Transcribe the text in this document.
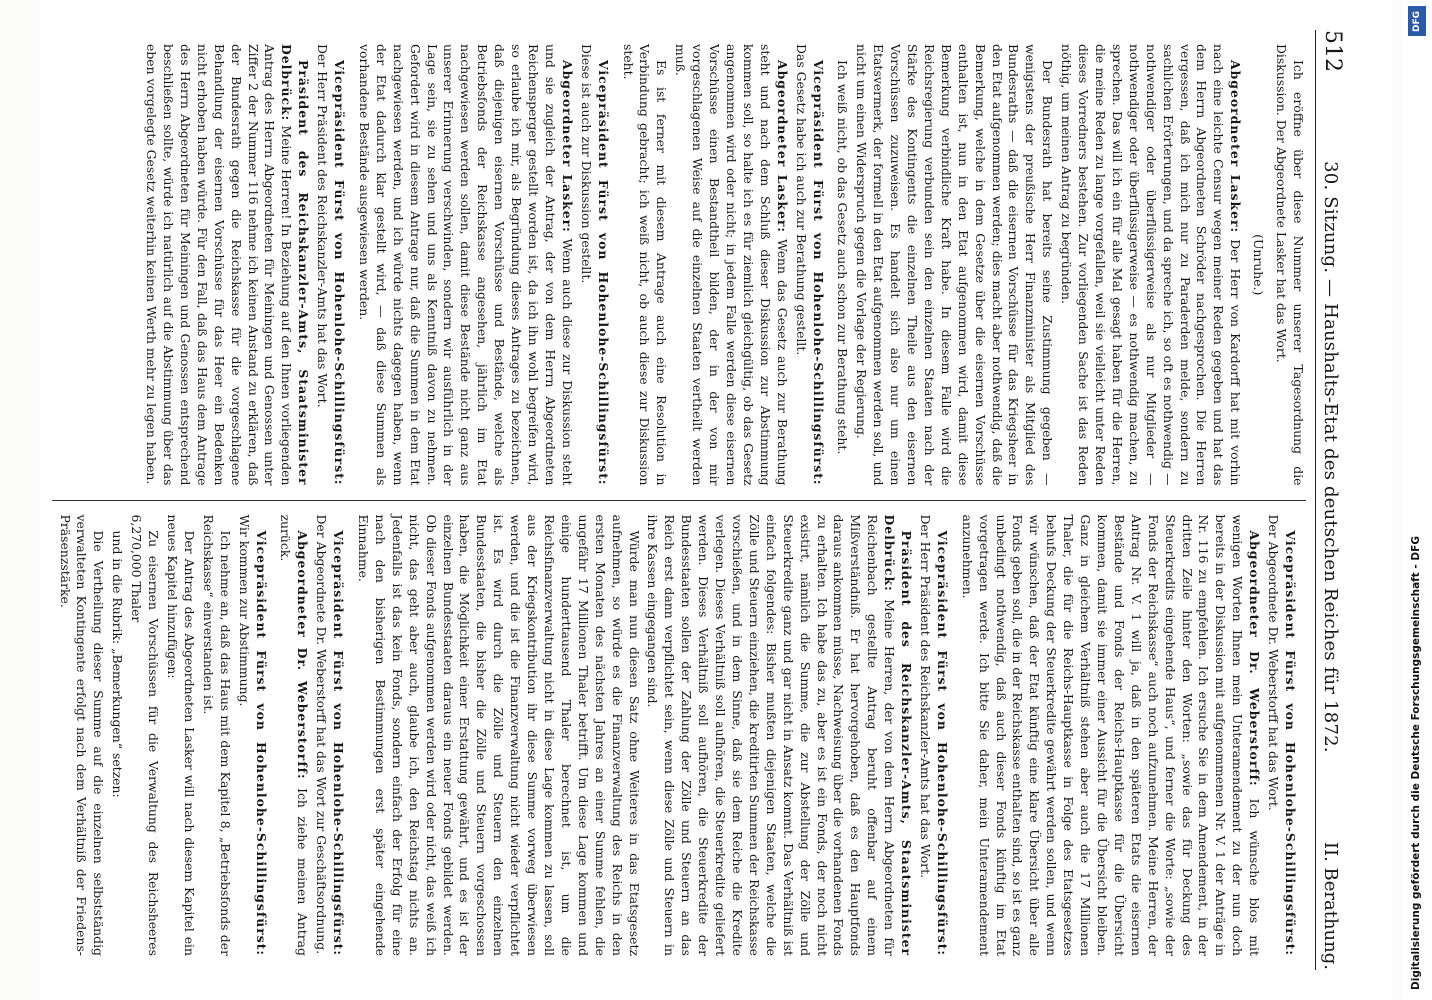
512
30. Sitzung. — Haushalts-Etat des deutschen Reiches für 1872.
II. Berathung.

Ich eröffne über diese Nummer unserer Tagesordnung die Diskussion. Der Abgeordnete Lasker hat das Wort.

(Unruhe.)

Abgeordneter Lasker: Der Herr von Kardorff hat mit vorhin nach eine leichte Censur wegen meiner Reden gegeben und hat das dem Herrn Abgeordneten Schröder nachgesprochen. Die Herren vergessen, daß ich mich nur zu Paraderden melde, sondern zu sachlichen Erörterungen, und da spreche ich, so oft es nothwendig — nothwendiger oder überflüssigerweise als nur Mitglieder — nothwendiger oder überflüssigerweise — es nothwendig machen, zu sprechen. Das will ich ein für alle Mal gesagt haben für die Herren, die meine Reden zu lange vorgefallen, weil sie vielleicht unter Reden dieses Vorredners bestehen. Zur vorliegenden Sache ist das Reden nöthig, um meinen Antrag zu begründen.

Der Bundesrath hat bereits seine Zustimmung gegeben — wenigstens der preußische Herr Finanzminister als Mitglied des Bundesraths — daß die eisernen Vorschüsse für das Kriegsheer in den Etat aufgenommen werden; dies macht aber nothwendig, daß die Bemerkung, welche in dem Gesetze über die eisernen Vorschüsse enthalten ist, nun in den Etat aufgenommen wird, damit diese Bemerkung verbindliche Kraft habe. In diesem Falle wird die Reichsregierung verbunden sein den einzelnen Staaten nach der Stärke des Kontingents die einzelnen Theile aus den eisernen Vorschüssen zuzuweisen. Es handelt sich also nur um einen Etatsvermerk, der formell in den Etat aufgenommen werden soll, und nicht um einen Widerspruch gegen die Vorlage der Regierung.

Ich weiß nicht, ob das Gesetz auch schon zur Berathung steht.

Vicepräsident Fürst von Hohenlohe-Schillingsfürst: Das Gesetz habe ich auch zur Berathung gestellt.

Abgeordneter Lasker: Wenn das Gesetz auch zur Berathung steht und nach dem Schluß dieser Diskussion zur Abstimmung kommen soll, so halte ich es für ziemlich gleichgültig, ob das Gesetz angenommen wird oder nicht; in jedem Falle werden diese eisernen Vorschüsse einen Bestandtheil bilden, der in der von mir vorgeschlagenen Weise auf die einzelnen Staaten vertheilt werden muß.

Es ist ferner mit diesem Antrage auch eine Resolution in Verbindung gebracht; ich weiß nicht, ob auch diese zur Diskussion steht.

Vicepräsident Fürst von Hohenlohe-Schillingsfürst: Diese ist auch zur Diskussion gestellt.

Abgeordneter Lasker: Wenn auch diese zur Diskussion steht und sie zugleich der Antrag, der von dem Herrn Abgeordneten Reichensperger gestellt worden ist, da ich ihn wohl begreifen wird, so erlaube ich mir, als Begründung dieses Antrages zu bezeichnen, daß diejenigen eisernen Vorschüsse und Bestände, welche als Betriebsfonds der Reichskasse angesehen, jährlich im Etat nachgewiesen werden sollen, damit diese Bestände nicht ganz aus unserer Erinnerung verschwinden, sondern wir ausführlich in der Lage sein, sie zu sehen und uns als Kenntniß davon zu nehmen. Gefordert wird in diesem Antrage nur, daß die Summen in dem Etat nachgewiesen werden, und ich würde nichts dagegen haben, wenn der Etat dadurch klar gestellt wird, — daß diese Summen als vorhandene Bestände ausgewiesen werden.

Vicepräsident Fürst von Hohenlohe-Schillingsfürst: Der Herr Präsident des Reichskanzler-Amts hat das Wort.

Präsident des Reichskanzler-Amts, Staatsminister Delbrück: Meine Herren! In Beziehung auf den Ihnen vorliegenden Antrag des Herrn Abgeordneten für Meiningen und Genossen unter Ziffer 2 der Nummer 116 nehme ich keinen Anstand zu erklären, daß der Bundesrath gegen die Reichskasse für die vorgeschlagene Behandlung der eisernen Vorschüsse für das Heer ein Bedenken nicht erhoben haben würde. Für den Fall, daß das Haus dem Antrage des Herrn Abgeordneten für Meiningen und Genossen entsprechend beschließen sollte, würde ich natürlich auf die Abstimmung über das eben vorgelegte Gesetz weiterhin keinen Werth mehr zu legen haben.

Vicepräsident Fürst von Hohenlohe-Schillingsfürst: Der Abgeordnete Dr. Weberstorff hat das Wort.

Abgeordneter Dr. Weberstorff: Ich wünsche blos mit wenigen Worten Ihnen mein Unteramendement zu der nun doch bereits in der Diskussion mit aufgenommenen Nr. V. 1 der Anträge in Nr. 116 zu empfehlen. Ich ersuche Sie in dem Amendement, in der dritten Zeile hinter den Worten: „sowie das für Deckung des Steuerkredits eingehende Haus“, und ferner die Worte: „sowie der Fonds der Reichskasse“ auch noch aufzunehmen. Meine Herren, der Antrag Nr. V. 1 will ja, daß in den späteren Etats die eisernen Bestände und Fonds der Reichs-Hauptkasse für die Übersicht kommen, damit sie immer einer Aussicht für die Übersicht bleiben. Ganz in gleichem Verhältniß stehen aber auch die 17 Millionen Thaler, die für die Reichs-Hauptkasse in Folge des Etatsgesetzes behufs Deckung der Steuerkredite gewährt werden sollen, und wenn wir wünschen, daß der Etat künftig eine klare Übersicht über alle Fonds geben soll, die in der Reichskasse enthalten sind, so ist es ganz unbedingt nothwendig, daß auch dieser Fonds künftig im Etat vorgetragen werde. Ich bitte Sie daher, mein Unteramendement anzunehmen.

Vicepräsident Fürst von Hohenlohe-Schillingsfürst: Der Herr Präsident des Reichskanzler-Amts hat das Wort.

Präsident des Reichskanzler-Amts, Staatsminister Delbrück: Meine Herren, der von dem Herrn Abgeordneten für Reichenbach gestellte Antrag beruht offenbar auf einem Mißverständniß. Er hat hervorgehoben, daß es den Hauptfonds daraus ankommen müsse, Nachweisung über die vorhandenen Fonds zu erhalten. Ich habe das zu, aber es ist ein Fonds, der noch nicht existirt, nämlich die Summe, die zur Abstellung der Zölle und Steuerkredite ganz und gar nicht in Ansatz kommt. Das Verhältniß ist einfach folgendes: Bisher mußten diejenigen Staaten, welche die Zölle und Steuern einziehen, die kreditirten Summen der Reichskasse vorschießen, und in dem Sinne, daß sie dem Reiche die Kredite verlegen. Dieses Verhältniß soll aufhören, die Steuerkredite geliefert werden. Dieses Verhältniß soll aufhören, die Steuerkredite der Bundesstaaten sollen der Zahlung der Zölle und Steuern an das Reich erst dann verpflichtet sein, wenn diese Zölle und Steuern in ihre Kassen eingegangen sind.

Würde man nun diesen Satz ohne Weiteres in das Etatsgesetz aufnehmen, so würde es die Finanzverwaltung des Reichs in den ersten Monaten des nächsten Jahres an einer Summe fehlen, die ungefähr 17 Millionen Thaler betrifft. Um diese Lage kommen und einige hunderttausend Thaler berechnet ist, um die Reichsfinanzverwaltung nicht in diese Lage kommen zu lassen, soll aus der Kriegskontribution ihr diese Summe vorweg überwiesen werden, und die ist die Finanzverwaltung nicht wieder verpflichtet ist. Es wird durch die Zölle und Steuern den einzelnen Bundesstaaten, die bisher die Zölle und Steuern vorgeschossen haben, die Möglichkeit einer Erstattung gewährt, und es ist der einzelnen Bundesstaaten daraus ein neuer Fonds gebildet werden. Ob dieser Fonds aufgenommen werden wird oder nicht, das weiß ich nicht, das geht aber auch, glaube ich, den Reichstag nichts an. Jedenfalls ist das kein Fonds, sondern einfach der Erfolg für eine nach den bisherigen Bestimmungen erst später eingehende Einnahme.

Vicepräsident Fürst von Hohenlohe-Schillingsfürst: Der Abgeordnete Dr. Weberstorff hat das Wort zur Geschäftsordnung.

Abgeordneter Dr. Weberstorff: Ich ziehe meinen Antrag zurück.

Vicepräsident Fürst von Hohenlohe-Schillingsfürst: Wir kommen zur Abstimmung.

Ich nehme an, daß das Haus mit dem Kapitel 8, „Betriebsfonds der Reichskasse“ einverstanden ist.

Der Antrag des Abgeordneten Lasker will nach diesem Kapitel ein neues Kapitel hinzufügen:

Zu eisernen Vorschüssen für die Verwaltung des Reichsheeres 6,270,000 Thaler

und in die Rubrik: „Bemerkungen“ setzen:

Die Vertheilung dieser Summe auf die einzelnen selbstständig verwalteten Kontingente erfolgt nach dem Verhältniß der Friedens-Präsenzstärke.

DFG
Digitalisierung gefördert durch die Deutsche Forschungsgemeinschaft - DFG
